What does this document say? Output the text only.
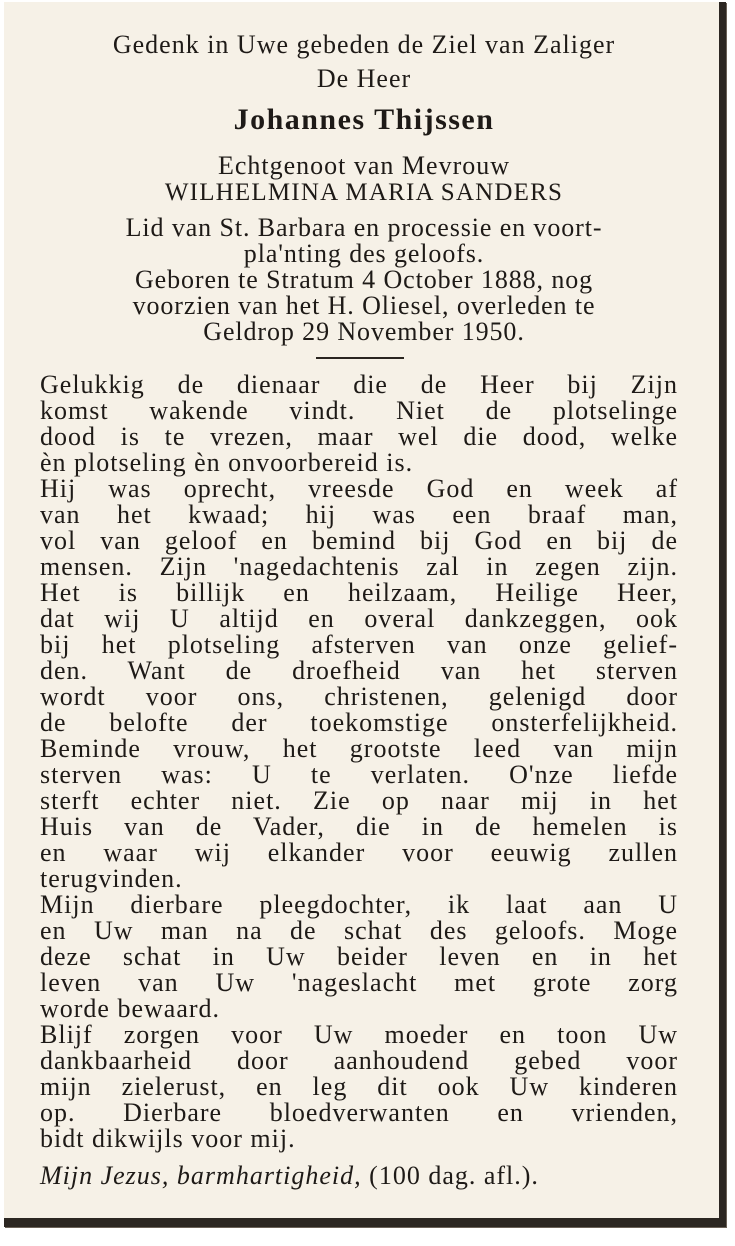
Gedenk in Uwe gebeden de Ziel van Zaliger
De Heer
Johannes Thijssen
Echtgenoot van Mevrouw
WILHELMINA MARIA SANDERS
Lid van St. Barbara en processie en voort-
pla'nting des geloofs.
Geboren te Stratum 4 October 1888, nog
voorzien van het H. Oliesel, overleden te
Geldrop 29 November 1950.
Gelukkig de dienaar die de Heer bij Zijn
komst wakende vindt. Niet de plotselinge
dood is te vrezen, maar wel die dood, welke
èn plotseling èn onvoorbereid is.
Hij was oprecht, vreesde God en week af
van het kwaad; hij was een braaf man,
vol van geloof en bemind bij God en bij de
mensen. Zijn 'nagedachtenis zal in zegen zijn.
Het is billijk en heilzaam, Heilige Heer,
dat wij U altijd en overal dankzeggen, ook
bij het plotseling afsterven van onze gelief-
den. Want de droefheid van het sterven
wordt voor ons, christenen, gelenigd door
de belofte der toekomstige onsterfelijkheid.
Beminde vrouw, het grootste leed van mijn
sterven was: U te verlaten. O'nze liefde
sterft echter niet. Zie op naar mij in het
Huis van de Vader, die in de hemelen is
en waar wij elkander voor eeuwig zullen
terugvinden.
Mijn dierbare pleegdochter, ik laat aan U
en Uw man na de schat des geloofs. Moge
deze schat in Uw beider leven en in het
leven van Uw 'nageslacht met grote zorg
worde bewaard.
Blijf zorgen voor Uw moeder en toon Uw
dankbaarheid door aanhoudend gebed voor
mijn zielerust, en leg dit ook Uw kinderen
op. Dierbare bloedverwanten en vrienden,
bidt dikwijls voor mij.
Mijn Jezus, barmhartigheid, (100 dag. afl.).
